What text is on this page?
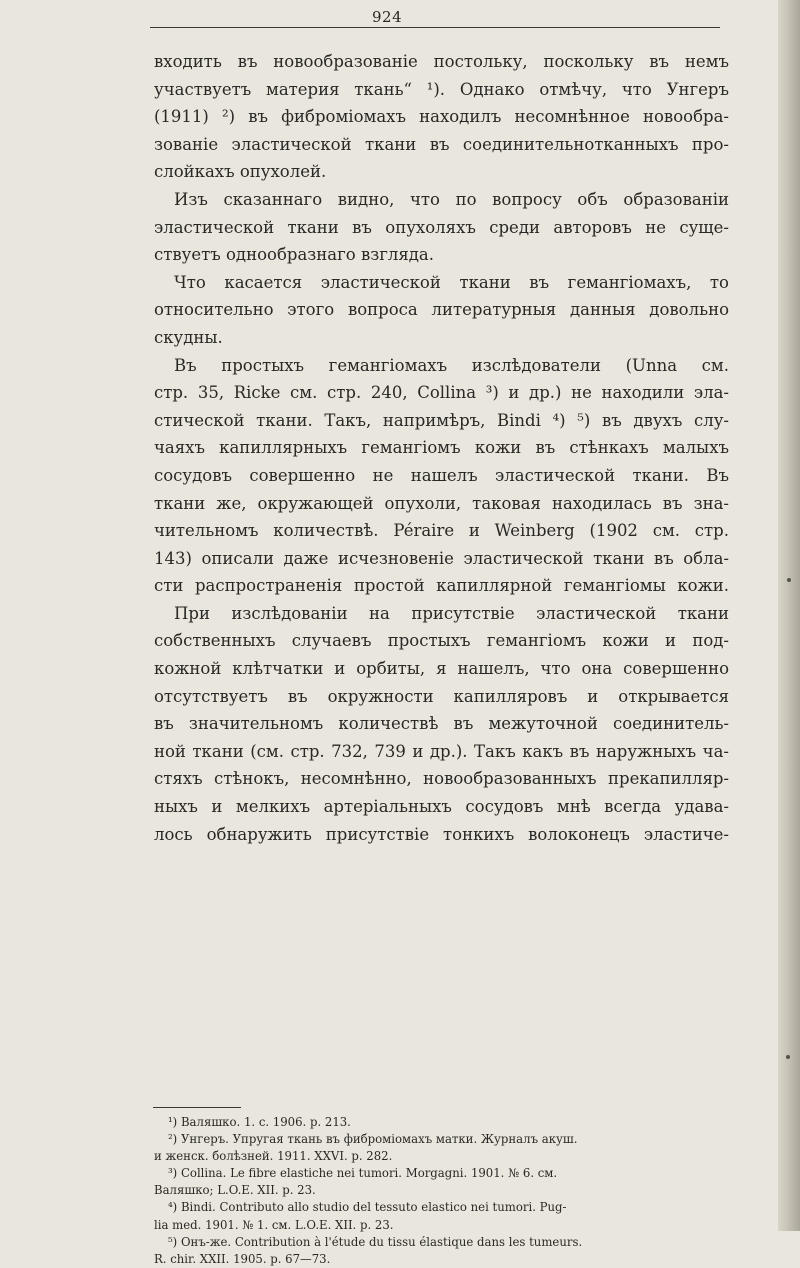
924

входить въ новообразованіе постольку, поскольку въ немъ

участвуетъ материя ткань“ ¹). Однако отмѣчу, что Унгеръ

(1911) ²) въ фиброміомахъ находилъ несомнѣнное новообра-

зованіе эластической ткани въ соединительнотканныхъ про-

слойкахъ опухолей.

Изъ сказаннаго видно, что по вопросу объ образованіи

эластической ткани въ опухоляхъ среди авторовъ не суще-

ствуетъ однообразнаго взгляда.

Что касается эластической ткани въ гемангіомахъ, то

относительно этого вопроса литературныя данныя довольно

скудны.

Въ простыхъ гемангіомахъ изслѣдователи (Unna см.

стр. 35, Ricke см. стр. 240, Collina ³) и др.) не находили эла-

стической ткани. Такъ, напримѣръ, Bindi ⁴) ⁵) въ двухъ слу-

чаяхъ капиллярныхъ гемангіомъ кожи въ стѣнкахъ малыхъ

сосудовъ совершенно не нашелъ эластической ткани. Въ

ткани же, окружающей опухоли, таковая находилась въ зна-

чительномъ количествѣ. Péraire и Weinberg (1902 см. стр.

143) описали даже исчезновеніе эластической ткани въ обла-

сти распространенія простой капиллярной гемангіомы кожи.

При изслѣдованіи на присутствіе эластической ткани

собственныхъ случаевъ простыхъ гемангіомъ кожи и под-

кожной клѣтчатки и орбиты, я нашелъ, что она совершенно

отсутствуетъ въ окружности капилляровъ и открывается

въ значительномъ количествѣ въ межуточной соединитель-

ной ткани (см. стр. 732, 739 и др.). Такъ какъ въ наружныхъ ча-

стяхъ стѣнокъ, несомнѣнно, новообразованныхъ прекапилляр-

ныхъ и мелкихъ артеріальныхъ сосудовъ мнѣ всегда удава-

лось обнаружить присутствіе тонкихъ волоконецъ эластиче-

¹) Валяшко. 1. с. 1906. р. 213.

²) Унгеръ. Упругая ткань въ фиброміомахъ матки. Журналъ акуш.

и женск. болѣзней. 1911. XXVI. р. 282.

³) Collina. Le fibre elastiche nei tumori. Morgagni. 1901. № 6. см.

Валяшко; L.O.E. XII. р. 23.

⁴) Bindi. Contributo allo studio del tessuto elastico nei tumori. Pug-

lia med. 1901. № 1. см. L.O.E. XII. р. 23.

⁵) Онъ-же. Contribution à l'étude du tissu élastique dans les tumeurs.

R. chir. XXII. 1905. р. 67—73.
